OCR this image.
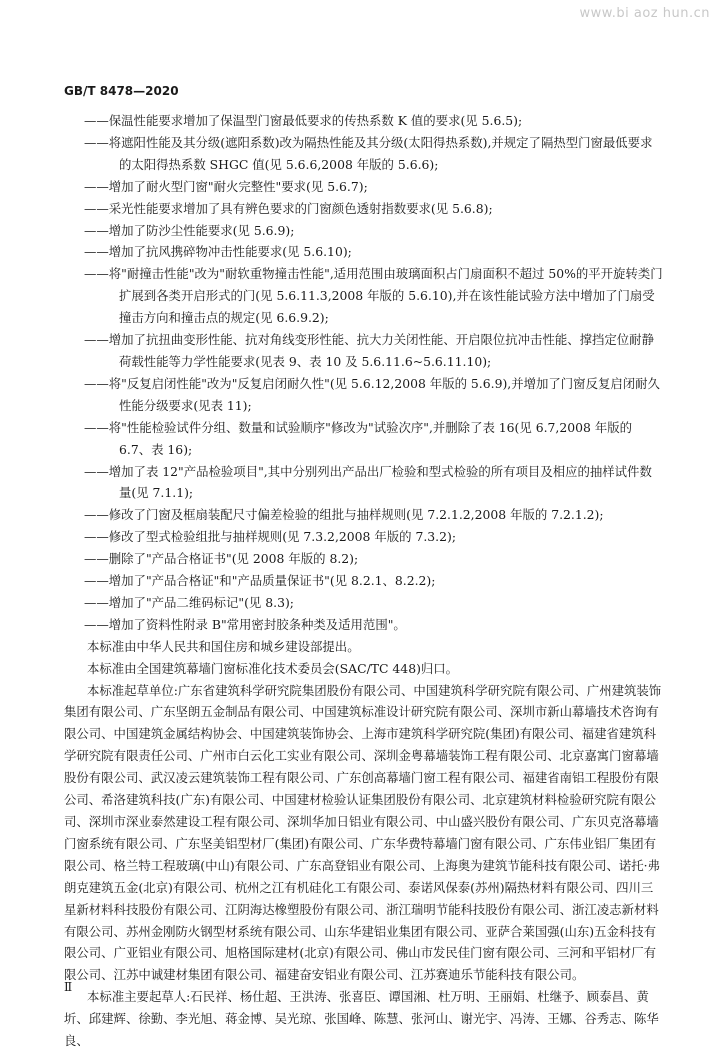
www.bi aoz hun.cn
GB/T 8478—2020

——保温性能要求增加了保温型门窗最低要求的传热系数 K 值的要求(见 5.6.5);

——将遮阳性能及其分级(遮阳系数)改为隔热性能及其分级(太阳得热系数),并规定了隔热型门窗最低要求的太阳得热系数 SHGC 值(见 5.6.6,2008 年版的 5.6.6);

——增加了耐火型门窗"耐火完整性"要求(见 5.6.7);

——采光性能要求增加了具有辨色要求的门窗颜色透射指数要求(见 5.6.8);

——增加了防沙尘性能要求(见 5.6.9);

——增加了抗风携碎物冲击性能要求(见 5.6.10);

——将"耐撞击性能"改为"耐软重物撞击性能",适用范围由玻璃面积占门扇面积不超过 50%的平开旋转类门扩展到各类开启形式的门(见 5.6.11.3,2008 年版的 5.6.10),并在该性能试验方法中增加了门扇受撞击方向和撞击点的规定(见 6.6.9.2);

——增加了抗扭曲变形性能、抗对角线变形性能、抗大力关闭性能、开启限位抗冲击性能、撑挡定位耐静荷载性能等力学性能要求(见表 9、表 10 及 5.6.11.6~5.6.11.10);

——将"反复启闭性能"改为"反复启闭耐久性"(见 5.6.12,2008 年版的 5.6.9),并增加了门窗反复启闭耐久性能分级要求(见表 11);

——将"性能检验试件分组、数量和试验顺序"修改为"试验次序",并删除了表 16(见 6.7,2008 年版的 6.7、表 16);

——增加了表 12"产品检验项目",其中分别列出产品出厂检验和型式检验的所有项目及相应的抽样试件数量(见 7.1.1);

——修改了门窗及框扇装配尺寸偏差检验的组批与抽样规则(见 7.2.1.2,2008 年版的 7.2.1.2);

——修改了型式检验组批与抽样规则(见 7.3.2,2008 年版的 7.3.2);

——删除了"产品合格证书"(见 2008 年版的 8.2);

——增加了"产品合格证"和"产品质量保证书"(见 8.2.1、8.2.2);

——增加了"产品二维码标记"(见 8.3);

——增加了资料性附录 B"常用密封胶条种类及适用范围"。

本标准由中华人民共和国住房和城乡建设部提出。

本标准由全国建筑幕墙门窗标准化技术委员会(SAC/TC 448)归口。

本标准起草单位:广东省建筑科学研究院集团股份有限公司、中国建筑科学研究院有限公司、广州建筑装饰集团有限公司、广东坚朗五金制品有限公司、中国建筑标准设计研究院有限公司、深圳市新山幕墙技术咨询有限公司、中国建筑金属结构协会、中国建筑装饰协会、上海市建筑科学研究院(集团)有限公司、福建省建筑科学研究院有限责任公司、广州市白云化工实业有限公司、深圳金粤幕墙装饰工程有限公司、北京嘉寓门窗幕墙股份有限公司、武汉凌云建筑装饰工程有限公司、广东创高幕墙门窗工程有限公司、福建省南铝工程股份有限公司、希洛建筑科技(广东)有限公司、中国建材检验认证集团股份有限公司、北京建筑材料检验研究院有限公司、深圳市深业泰然建设工程有限公司、深圳华加日铝业有限公司、中山盛兴股份有限公司、广东贝克洛幕墙门窗系统有限公司、广东坚美铝型材厂(集团)有限公司、广东华费特幕墙门窗有限公司、广东伟业铝厂集团有限公司、格兰特工程玻璃(中山)有限公司、广东高登铝业有限公司、上海奥为建筑节能科技有限公司、诺托·弗朗克建筑五金(北京)有限公司、杭州之江有机硅化工有限公司、泰诺风保泰(苏州)隔热材料有限公司、四川三星新材料科技股份有限公司、江阴海达橡塑股份有限公司、浙江瑞明节能科技股份有限公司、浙江凌志新材料有限公司、苏州金刚防火钢型材系统有限公司、山东华建铝业集团有限公司、亚萨合莱国强(山东)五金科技有限公司、广亚铝业有限公司、旭格国际建材(北京)有限公司、佛山市发民佳门窗有限公司、三河和平铝材厂有限公司、江苏中诚建材集团有限公司、福建奋安铝业有限公司、江苏赛迪乐节能科技有限公司。

本标准主要起草人:石民祥、杨仕超、王洪涛、张喜臣、谭国湘、杜万明、王丽娟、杜继予、顾泰昌、黄圻、邱建辉、徐勤、李光旭、蒋金博、吴光琼、张国峰、陈慧、张河山、谢光宇、冯涛、王娜、谷秀志、陈华良、

Ⅱ
